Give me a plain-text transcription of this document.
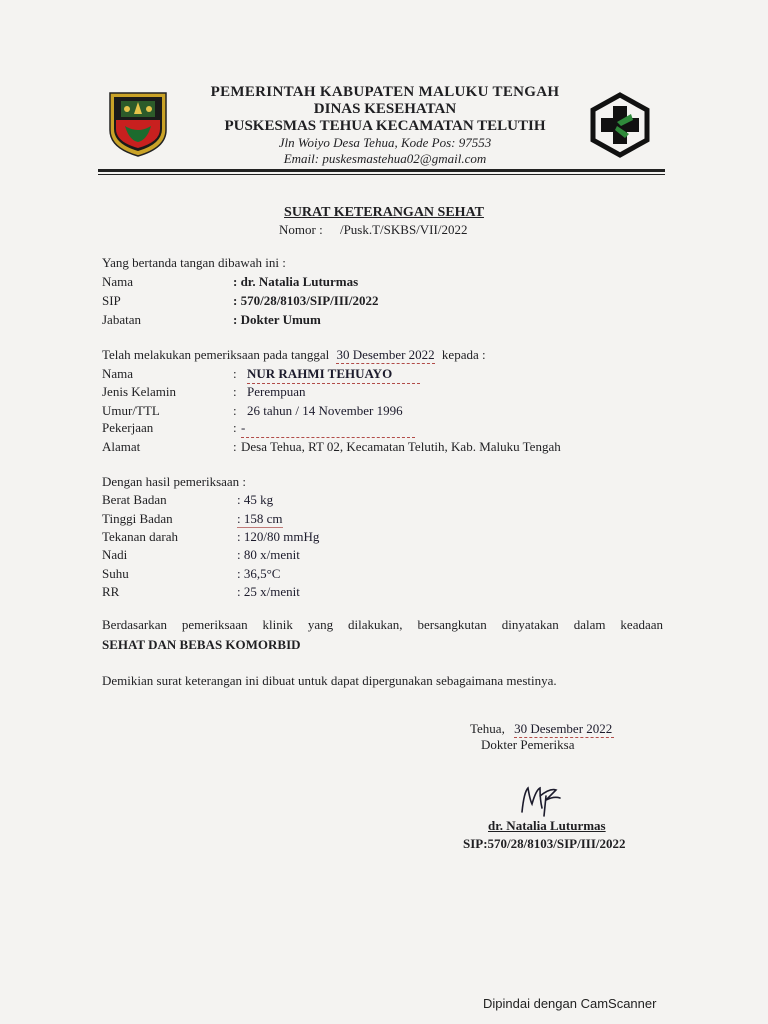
PEMERINTAH KABUPATEN MALUKU TENGAH
DINAS KESEHATAN
PUSKESMAS TEHUA KECAMATAN TELUTIH
Jln Woiyo Desa Tehua, Kode Pos: 97553
Email: puskesmastehua02@gmail.com
SURAT KETERANGAN SEHAT
Nomor : /Pusk.T/SKBS/VII/2022
Yang bertanda tangan dibawah ini :
Nama	: dr. Natalia Luturmas
SIP	: 570/28/8103/SIP/III/2022
Jabatan	: Dokter Umum
Telah melakukan pemeriksaan pada tanggal 30 Desember 2022 kepada :
Nama	: NUR RAHMI TEHUAYO
Jenis Kelamin	: Perempuan
Umur/TTL	: 26 tahun / 14 November 1996
Pekerjaan	: -
Alamat	: Desa Tehua, RT 02, Kecamatan Telutih, Kab. Maluku Tengah
Dengan hasil pemeriksaan :
Berat Badan	: 45 kg
Tinggi Badan	: 158 cm
Tekanan darah	: 120/80 mmHg
Nadi	: 80 x/menit
Suhu	: 36,5°C
RR	: 25 x/menit
Berdasarkan pemeriksaan klinik yang dilakukan, bersangkutan dinyatakan dalam keadaan
SEHAT DAN BEBAS KOMORBID
Demikian surat keterangan ini dibuat untuk dapat dipergunakan sebagaimana mestinya.
Tehua, 30 Desember 2022
Dokter Pemeriksa
dr. Natalia Luturmas
SIP:570/28/8103/SIP/III/2022
Dipindai dengan CamScanner
